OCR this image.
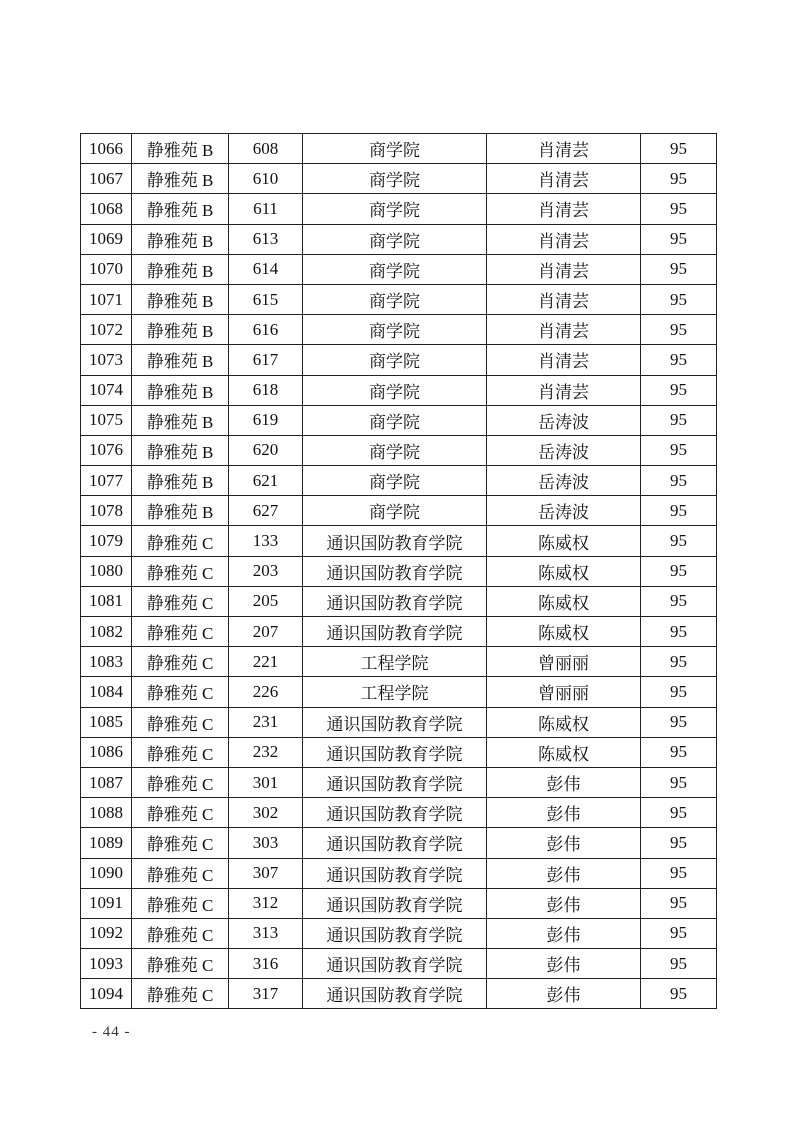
1066	静雅苑 B	608	商学院	肖清芸	95
1067	静雅苑 B	610	商学院	肖清芸	95
1068	静雅苑 B	611	商学院	肖清芸	95
1069	静雅苑 B	613	商学院	肖清芸	95
1070	静雅苑 B	614	商学院	肖清芸	95
1071	静雅苑 B	615	商学院	肖清芸	95
1072	静雅苑 B	616	商学院	肖清芸	95
1073	静雅苑 B	617	商学院	肖清芸	95
1074	静雅苑 B	618	商学院	肖清芸	95
1075	静雅苑 B	619	商学院	岳涛波	95
1076	静雅苑 B	620	商学院	岳涛波	95
1077	静雅苑 B	621	商学院	岳涛波	95
1078	静雅苑 B	627	商学院	岳涛波	95
1079	静雅苑 C	133	通识国防教育学院	陈威权	95
1080	静雅苑 C	203	通识国防教育学院	陈威权	95
1081	静雅苑 C	205	通识国防教育学院	陈威权	95
1082	静雅苑 C	207	通识国防教育学院	陈威权	95
1083	静雅苑 C	221	工程学院	曾丽丽	95
1084	静雅苑 C	226	工程学院	曾丽丽	95
1085	静雅苑 C	231	通识国防教育学院	陈威权	95
1086	静雅苑 C	232	通识国防教育学院	陈威权	95
1087	静雅苑 C	301	通识国防教育学院	彭伟	95
1088	静雅苑 C	302	通识国防教育学院	彭伟	95
1089	静雅苑 C	303	通识国防教育学院	彭伟	95
1090	静雅苑 C	307	通识国防教育学院	彭伟	95
1091	静雅苑 C	312	通识国防教育学院	彭伟	95
1092	静雅苑 C	313	通识国防教育学院	彭伟	95
1093	静雅苑 C	316	通识国防教育学院	彭伟	95
1094	静雅苑 C	317	通识国防教育学院	彭伟	95
- 44 -
